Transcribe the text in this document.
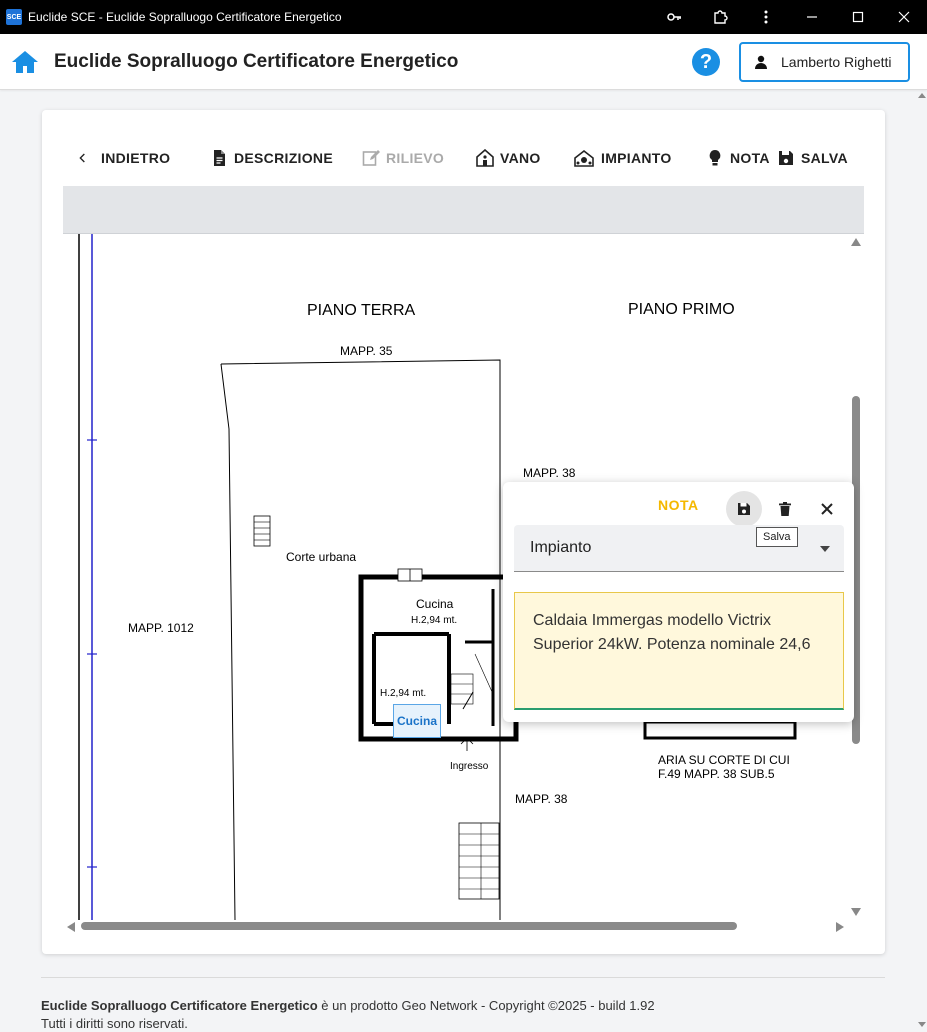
SCE Euclide SCE - Euclide Sopralluogo Certificatore Energetico
Euclide Sopralluogo Certificatore Energetico	?	Lamberto Righetti
INDIETRO	DESCRIZIONE	RILIEVO	VANO	IMPIANTO	NOTA SALVA
PIANO TERRA	PIANO PRIMO
MAPP. 35
MAPP. 38
MAPP. 1012
Corte urbana
Cucina
H.2,94 mt.
H.2,94 mt.
Ingresso
MAPP. 38
ARIA SU CORTE DI CUI
F.49 MAPP. 38 SUB.5
Cucina
NOTA
Impianto
Salva
Caldaia Immergas modello Victrix Superior 24kW. Potenza nominale 24,6
Euclide Sopralluogo Certificatore Energetico è un prodotto Geo Network - Copyright ©2025 - build 1.92
Tutti i diritti sono riservati.
